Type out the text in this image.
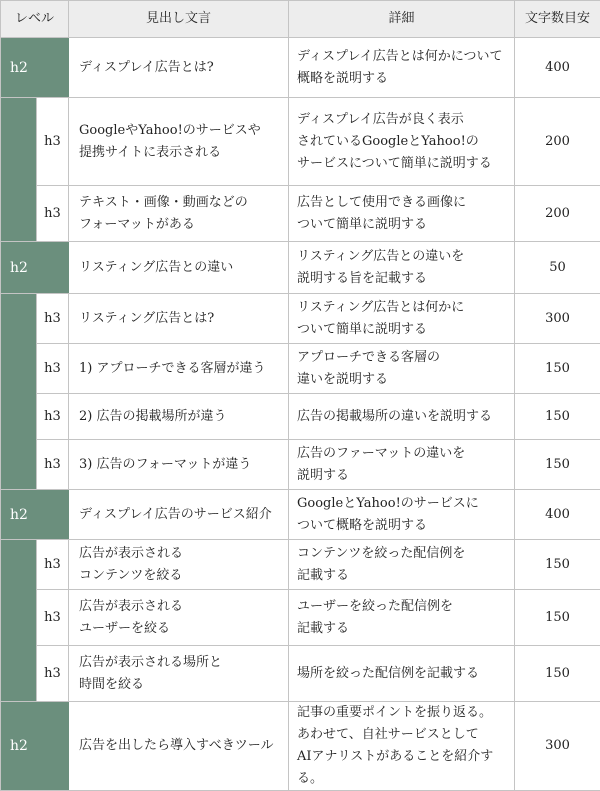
レベル		見出し文言	詳細	文字数目安
h2		ディスプレイ広告とは?	ディスプレイ広告とは何かについて
概略を説明する	400
	h3	GoogleやYahoo!のサービスや
提携サイトに表示される	ディスプレイ広告が良く表示
されているGoogleとYahoo!の
サービスについて簡単に説明する	200
	h3	テキスト・画像・動画などの
フォーマットがある	広告として使用できる画像に
ついて簡単に説明する	200
h2		リスティング広告との違い	リスティング広告との違いを
説明する旨を記載する	50
	h3	リスティング広告とは?	リスティング広告とは何かに
ついて簡単に説明する	300
	h3	1) アプローチできる客層が違う	アプローチできる客層の
違いを説明する	150
	h3	2) 広告の掲載場所が違う	広告の掲載場所の違いを説明する	150
	h3	3) 広告のフォーマットが違う	広告のファーマットの違いを
説明する	150
h2		ディスプレイ広告のサービス紹介	GoogleとYahoo!のサービスに
ついて概略を説明する	400
	h3	広告が表示される
コンテンツを絞る	コンテンツを絞った配信例を
記載する	150
	h3	広告が表示される
ユーザーを絞る	ユーザーを絞った配信例を
記載する	150
	h3	広告が表示される場所と
時間を絞る	場所を絞った配信例を記載する	150
h2		広告を出したら導入すべきツール	記事の重要ポイントを振り返る。
あわせて、自社サービスとして
AIアナリストがあることを紹介する。	300
